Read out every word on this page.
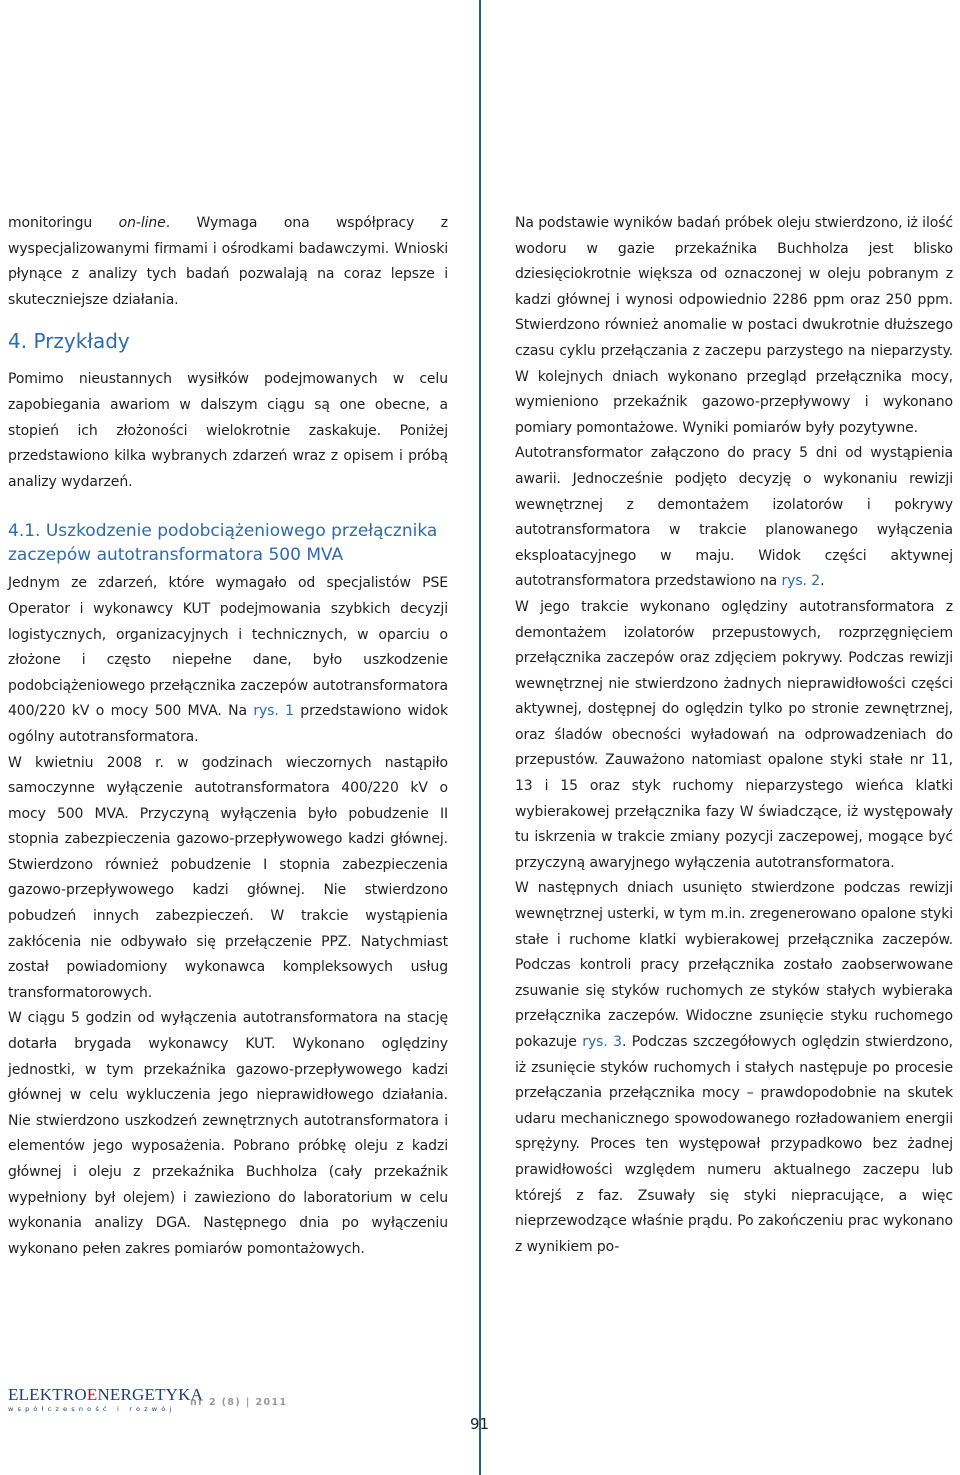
monitoringu on-line. Wymaga ona współpracy z wyspecjalizowanymi firmami i ośrodkami badawczymi. Wnioski płynące z analizy tych badań pozwalają na coraz lepsze i skuteczniejsze działania.

4. Przykłady

Pomimo nieustannych wysiłków podejmowanych w celu zapobiegania awariom w dalszym ciągu są one obecne, a stopień ich złożoności wielokrotnie zaskakuje. Poniżej przedstawiono kilka wybranych zdarzeń wraz z opisem i próbą analizy wydarzeń.

4.1. Uszkodzenie podobciążeniowego przełącznika zaczepów autotransformatora 500 MVA

Jednym ze zdarzeń, które wymagało od specjalistów PSE Operator i wykonawcy KUT podejmowania szybkich decyzji logistycznych, organizacyjnych i technicznych, w oparciu o złożone i często niepełne dane, było uszkodzenie podobciążeniowego przełącznika zaczepów autotransformatora 400/220 kV o mocy 500 MVA. Na rys. 1 przedstawiono widok ogólny autotransformatora.

W kwietniu 2008 r. w godzinach wieczornych nastąpiło samoczynne wyłączenie autotransformatora 400/220 kV o mocy 500 MVA. Przyczyną wyłączenia było pobudzenie II stopnia zabezpieczenia gazowo-przepływowego kadzi głównej. Stwierdzono również pobudzenie I stopnia zabezpieczenia gazowo-przepływowego kadzi głównej. Nie stwierdzono pobudzeń innych zabezpieczeń. W trakcie wystąpienia zakłócenia nie odbywało się przełączenie PPZ. Natychmiast został powiadomiony wykonawca kompleksowych usług transformatorowych.

W ciągu 5 godzin od wyłączenia autotransformatora na stację dotarła brygada wykonawcy KUT. Wykonano oględziny jednostki, w tym przekaźnika gazowo-przepływowego kadzi głównej w celu wykluczenia jego nieprawidłowego działania. Nie stwierdzono uszkodzeń zewnętrznych autotransformatora i elementów jego wyposażenia. Pobrano próbkę oleju z kadzi głównej i oleju z przekaźnika Buchholza (cały przekaźnik wypełniony był olejem) i zawieziono do laboratorium w celu wykonania analizy DGA. Następnego dnia po wyłączeniu wykonano pełen zakres pomiarów pomontażowych.

Na podstawie wyników badań próbek oleju stwierdzono, iż ilość wodoru w gazie przekaźnika Buchholza jest blisko dziesięciokrotnie większa od oznaczonej w oleju pobranym z kadzi głównej i wynosi odpowiednio 2286 ppm oraz 250 ppm. Stwierdzono również anomalie w postaci dwukrotnie dłuższego czasu cyklu przełączania z zaczepu parzystego na nieparzysty. W kolejnych dniach wykonano przegląd przełącznika mocy, wymieniono przekaźnik gazowo-przepływowy i wykonano pomiary pomontażowe. Wyniki pomiarów były pozytywne.

Autotransformator załączono do pracy 5 dni od wystąpienia awarii. Jednocześnie podjęto decyzję o wykonaniu rewizji wewnętrznej z demontażem izolatorów i pokrywy autotransformatora w trakcie planowanego wyłączenia eksploatacyjnego w maju. Widok części aktywnej autotransformatora przedstawiono na rys. 2.

W jego trakcie wykonano oględziny autotransformatora z demontażem izolatorów przepustowych, rozprzęgnięciem przełącznika zaczepów oraz zdjęciem pokrywy. Podczas rewizji wewnętrznej nie stwierdzono żadnych nieprawidłowości części aktywnej, dostępnej do oględzin tylko po stronie zewnętrznej, oraz śladów obecności wyładowań na odprowadzeniach do przepustów. Zauważono natomiast opalone styki stałe nr 11, 13 i 15 oraz styk ruchomy nieparzystego wieńca klatki wybierakowej przełącznika fazy W świadczące, iż występowały tu iskrzenia w trakcie zmiany pozycji zaczepowej, mogące być przyczyną awaryjnego wyłączenia autotransformatora.

W następnych dniach usunięto stwierdzone podczas rewizji wewnętrznej usterki, w tym m.in. zregenerowano opalone styki stałe i ruchome klatki wybierakowej przełącznika zaczepów. Podczas kontroli pracy przełącznika zostało zaobserwowane zsuwanie się styków ruchomych ze styków stałych wybieraka przełącznika zaczepów. Widoczne zsunięcie styku ruchomego pokazuje rys. 3. Podczas szczegółowych oględzin stwierdzono, iż zsunięcie styków ruchomych i stałych następuje po procesie przełączania przełącznika mocy – prawdopodobnie na skutek udaru mechanicznego spowodowanego rozładowaniem energii sprężyny. Proces ten występował przypadkowo bez żadnej prawidłowości względem numeru aktualnego zaczepu lub którejś z faz. Zsuwały się styki niepracujące, a więc nieprzewodzące właśnie prądu. Po zakończeniu prac wykonano z wynikiem po-

ELEKTROENERGETYKA
współczesność i rozwój
nr 2 (8) | 2011
91
